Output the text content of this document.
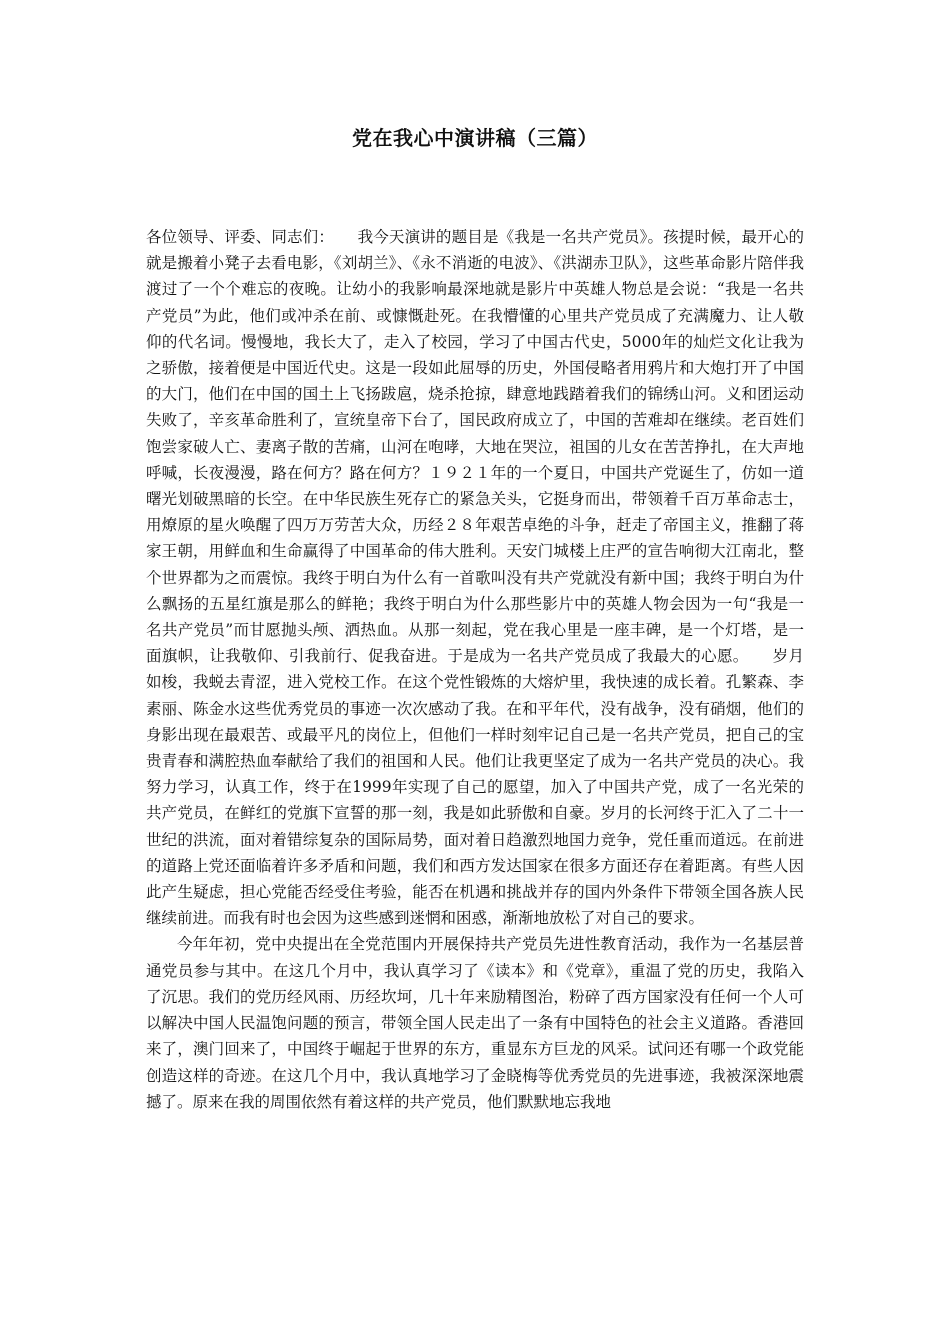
党在我心中演讲稿（三篇）

各位领导、评委、同志们：　　我今天演讲的题目是《我是一名共产党员》。孩提时候，最开心的就是搬着小凳子去看电影，《刘胡兰》、《永不消逝的电波》、《洪湖赤卫队》，这些革命影片陪伴我渡过了一个个难忘的夜晚。让幼小的我影响最深地就是影片中英雄人物总是会说：“我是一名共产党员”为此，他们或冲杀在前、或慷慨赴死。在我懵懂的心里共产党员成了充满魔力、让人敬仰的代名词。慢慢地，我长大了，走入了校园，学习了中国古代史，5000年的灿烂文化让我为之骄傲，接着便是中国近代史。这是一段如此屈辱的历史，外国侵略者用鸦片和大炮打开了中国的大门，他们在中国的国土上飞扬跋扈，烧杀抢掠，肆意地践踏着我们的锦绣山河。义和团运动失败了，辛亥革命胜利了，宣统皇帝下台了，国民政府成立了，中国的苦难却在继续。老百姓们饱尝家破人亡、妻离子散的苦痛，山河在咆哮，大地在哭泣，祖国的儿女在苦苦挣扎，在大声地呼喊，长夜漫漫，路在何方？路在何方？１９２１年的一个夏日，中国共产党诞生了，仿如一道曙光划破黑暗的长空。在中华民族生死存亡的紧急关头，它挺身而出，带领着千百万革命志士，用燎原的星火唤醒了四万万劳苦大众，历经２８年艰苦卓绝的斗争，赶走了帝国主义，推翻了蒋家王朝，用鲜血和生命赢得了中国革命的伟大胜利。天安门城楼上庄严的宣告响彻大江南北，整个世界都为之而震惊。我终于明白为什么有一首歌叫没有共产党就没有新中国；我终于明白为什么飘扬的五星红旗是那么的鲜艳；我终于明白为什么那些影片中的英雄人物会因为一句“我是一名共产党员”而甘愿抛头颅、洒热血。从那一刻起，党在我心里是一座丰碑，是一个灯塔，是一面旗帜，让我敬仰、引我前行、促我奋进。于是成为一名共产党员成了我最大的心愿。　　岁月如梭，我蜕去青涩，进入党校工作。在这个党性锻炼的大熔炉里，我快速的成长着。孔繁森、李素丽、陈金水这些优秀党员的事迹一次次感动了我。在和平年代，没有战争，没有硝烟，他们的身影出现在最艰苦、或最平凡的岗位上，但他们一样时刻牢记自己是一名共产党员，把自己的宝贵青春和满腔热血奉献给了我们的祖国和人民。他们让我更坚定了成为一名共产党员的决心。我努力学习，认真工作，终于在1999年实现了自己的愿望，加入了中国共产党，成了一名光荣的共产党员，在鲜红的党旗下宣誓的那一刻，我是如此骄傲和自豪。岁月的长河终于汇入了二十一世纪的洪流，面对着错综复杂的国际局势，面对着日趋激烈地国力竞争，党任重而道远。在前进的道路上党还面临着许多矛盾和问题，我们和西方发达国家在很多方面还存在着距离。有些人因此产生疑虑，担心党能否经受住考验，能否在机遇和挑战并存的国内外条件下带领全国各族人民继续前进。而我有时也会因为这些感到迷惘和困惑，渐渐地放松了对自己的要求。

今年年初，党中央提出在全党范围内开展保持共产党员先进性教育活动，我作为一名基层普通党员参与其中。在这几个月中，我认真学习了《读本》和《党章》，重温了党的历史，我陷入了沉思。我们的党历经风雨、历经坎坷，几十年来励精图治，粉碎了西方国家没有任何一个人可以解决中国人民温饱问题的预言，带领全国人民走出了一条有中国特色的社会主义道路。香港回来了，澳门回来了，中国终于崛起于世界的东方，重显东方巨龙的风采。试问还有哪一个政党能创造这样的奇迹。在这几个月中，我认真地学习了金晓梅等优秀党员的先进事迹，我被深深地震撼了。原来在我的周围依然有着这样的共产党员，他们默默地忘我地
